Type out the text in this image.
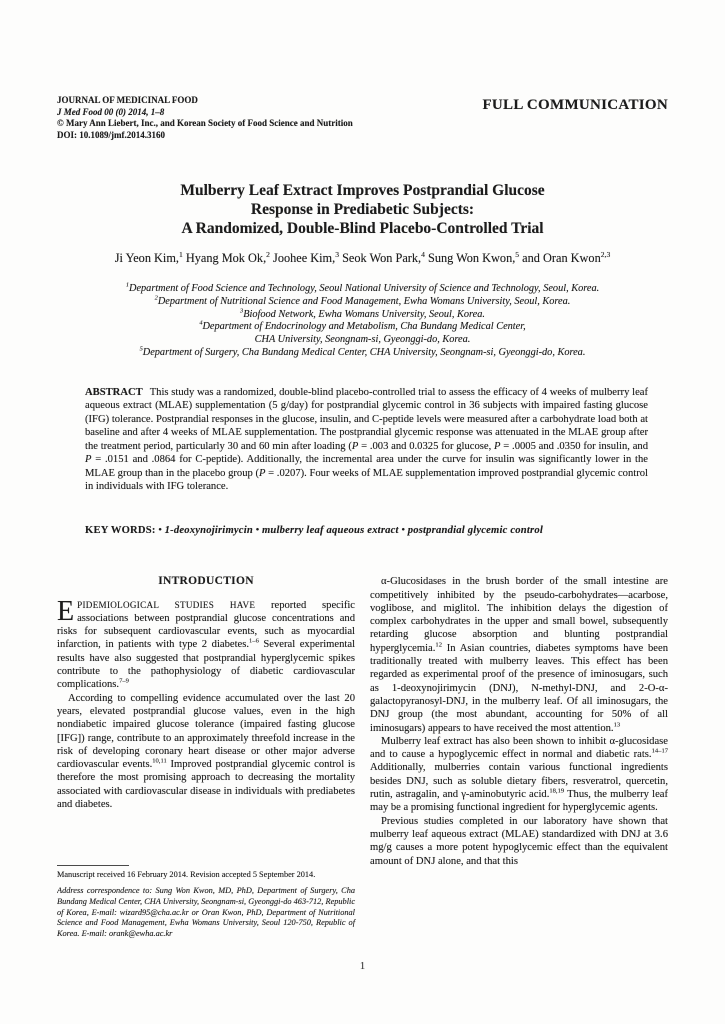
JOURNAL OF MEDICINAL FOOD
J Med Food 00 (0) 2014, 1–8
© Mary Ann Liebert, Inc., and Korean Society of Food Science and Nutrition
DOI: 10.1089/jmf.2014.3160
FULL COMMUNICATION
Mulberry Leaf Extract Improves Postprandial Glucose
Response in Prediabetic Subjects:
A Randomized, Double-Blind Placebo-Controlled Trial
Ji Yeon Kim,$^1$ Hyang Mok Ok,$^2$ Joohee Kim,$^3$ Seok Won Park,$^4$ Sung Won Kwon,$^5$ and Oran Kwon$^{2,3}$
$^1$Department of Food Science and Technology, Seoul National University of Science and Technology, Seoul, Korea.
$^2$Department of Nutritional Science and Food Management, Ewha Womans University, Seoul, Korea.
$^3$Biofood Network, Ewha Womans University, Seoul, Korea.
$^4$Department of Endocrinology and Metabolism, Cha Bundang Medical Center,
CHA University, Seongnam-si, Gyeonggi-do, Korea.
$^5$Department of Surgery, Cha Bundang Medical Center, CHA University, Seongnam-si, Gyeonggi-do, Korea.

ABSTRACT This study was a randomized, double-blind placebo-controlled trial to assess the efficacy of 4 weeks of mulberry leaf aqueous extract (MLAE) supplementation (5 g/day) for postprandial glycemic control in 36 subjects with impaired fasting glucose (IFG) tolerance. Postprandial responses in the glucose, insulin, and C-peptide levels were measured after a carbohydrate load both at baseline and after 4 weeks of MLAE supplementation. The postprandial glycemic response was attenuated in the MLAE group after the treatment period, particularly 30 and 60 min after loading (P = .003 and 0.0325 for glucose, P = .0005 and .0350 for insulin, and P = .0151 and .0864 for C-peptide). Additionally, the incremental area under the curve for insulin was significantly lower in the MLAE group than in the placebo group (P = .0207). Four weeks of MLAE supplementation improved postprandial glycemic control in individuals with IFG tolerance.

KEY WORDS: • 1-deoxynojirimycin • mulberry leaf aqueous extract • postprandial glycemic control

INTRODUCTION

EPIDEMIOLOGICAL STUDIES HAVE reported specific associations between postprandial glucose concentrations and risks for subsequent cardiovascular events, such as myocardial infarction, in patients with type 2 diabetes.$^{1-6}$ Several experimental results have also suggested that postprandial hyperglycemic spikes contribute to the pathophysiology of diabetic cardiovascular complications.$^{7-9}$

According to compelling evidence accumulated over the last 20 years, elevated postprandial glucose values, even in the high nondiabetic impaired glucose tolerance (impaired fasting glucose [IFG]) range, contribute to an approximately threefold increase in the risk of developing coronary heart disease or other major adverse cardiovascular events.$^{10,11}$ Improved postprandial glycemic control is therefore the most promising approach to decreasing the mortality associated with cardiovascular disease in individuals with prediabetes and diabetes.

Manuscript received 16 February 2014. Revision accepted 5 September 2014.

Address correspondence to: Sung Won Kwon, MD, PhD, Department of Surgery, Cha Bundang Medical Center, CHA University, Seongnam-si, Gyeonggi-do 463-712, Republic of Korea, E-mail: wizard95@cha.ac.kr or Oran Kwon, PhD, Department of Nutritional Science and Food Management, Ewha Womans University, Seoul 120-750, Republic of Korea. E-mail: orank@ewha.ac.kr

α-Glucosidases in the brush border of the small intestine are competitively inhibited by the pseudo-carbohydrates—acarbose, voglibose, and miglitol. The inhibition delays the digestion of complex carbohydrates in the upper and small bowel, subsequently retarding glucose absorption and blunting postprandial hyperglycemia.$^{12}$ In Asian countries, diabetes symptoms have been traditionally treated with mulberry leaves. This effect has been regarded as experimental proof of the presence of iminosugars, such as 1-deoxynojirimycin (DNJ), N-methyl-DNJ, and 2-O-α-galactopyranosyl-DNJ, in the mulberry leaf. Of all iminosugars, the DNJ group (the most abundant, accounting for 50% of all iminosugars) appears to have received the most attention.$^{13}$

Mulberry leaf extract has also been shown to inhibit α-glucosidase and to cause a hypoglycemic effect in normal and diabetic rats.$^{14-17}$ Additionally, mulberries contain various functional ingredients besides DNJ, such as soluble dietary fibers, resveratrol, quercetin, rutin, astragalin, and γ-aminobutyric acid.$^{18,19}$ Thus, the mulberry leaf may be a promising functional ingredient for hyperglycemic agents.

Previous studies completed in our laboratory have shown that mulberry leaf aqueous extract (MLAE) standardized with DNJ at 3.6 mg/g causes a more potent hypoglycemic effect than the equivalent amount of DNJ alone, and that this

1
